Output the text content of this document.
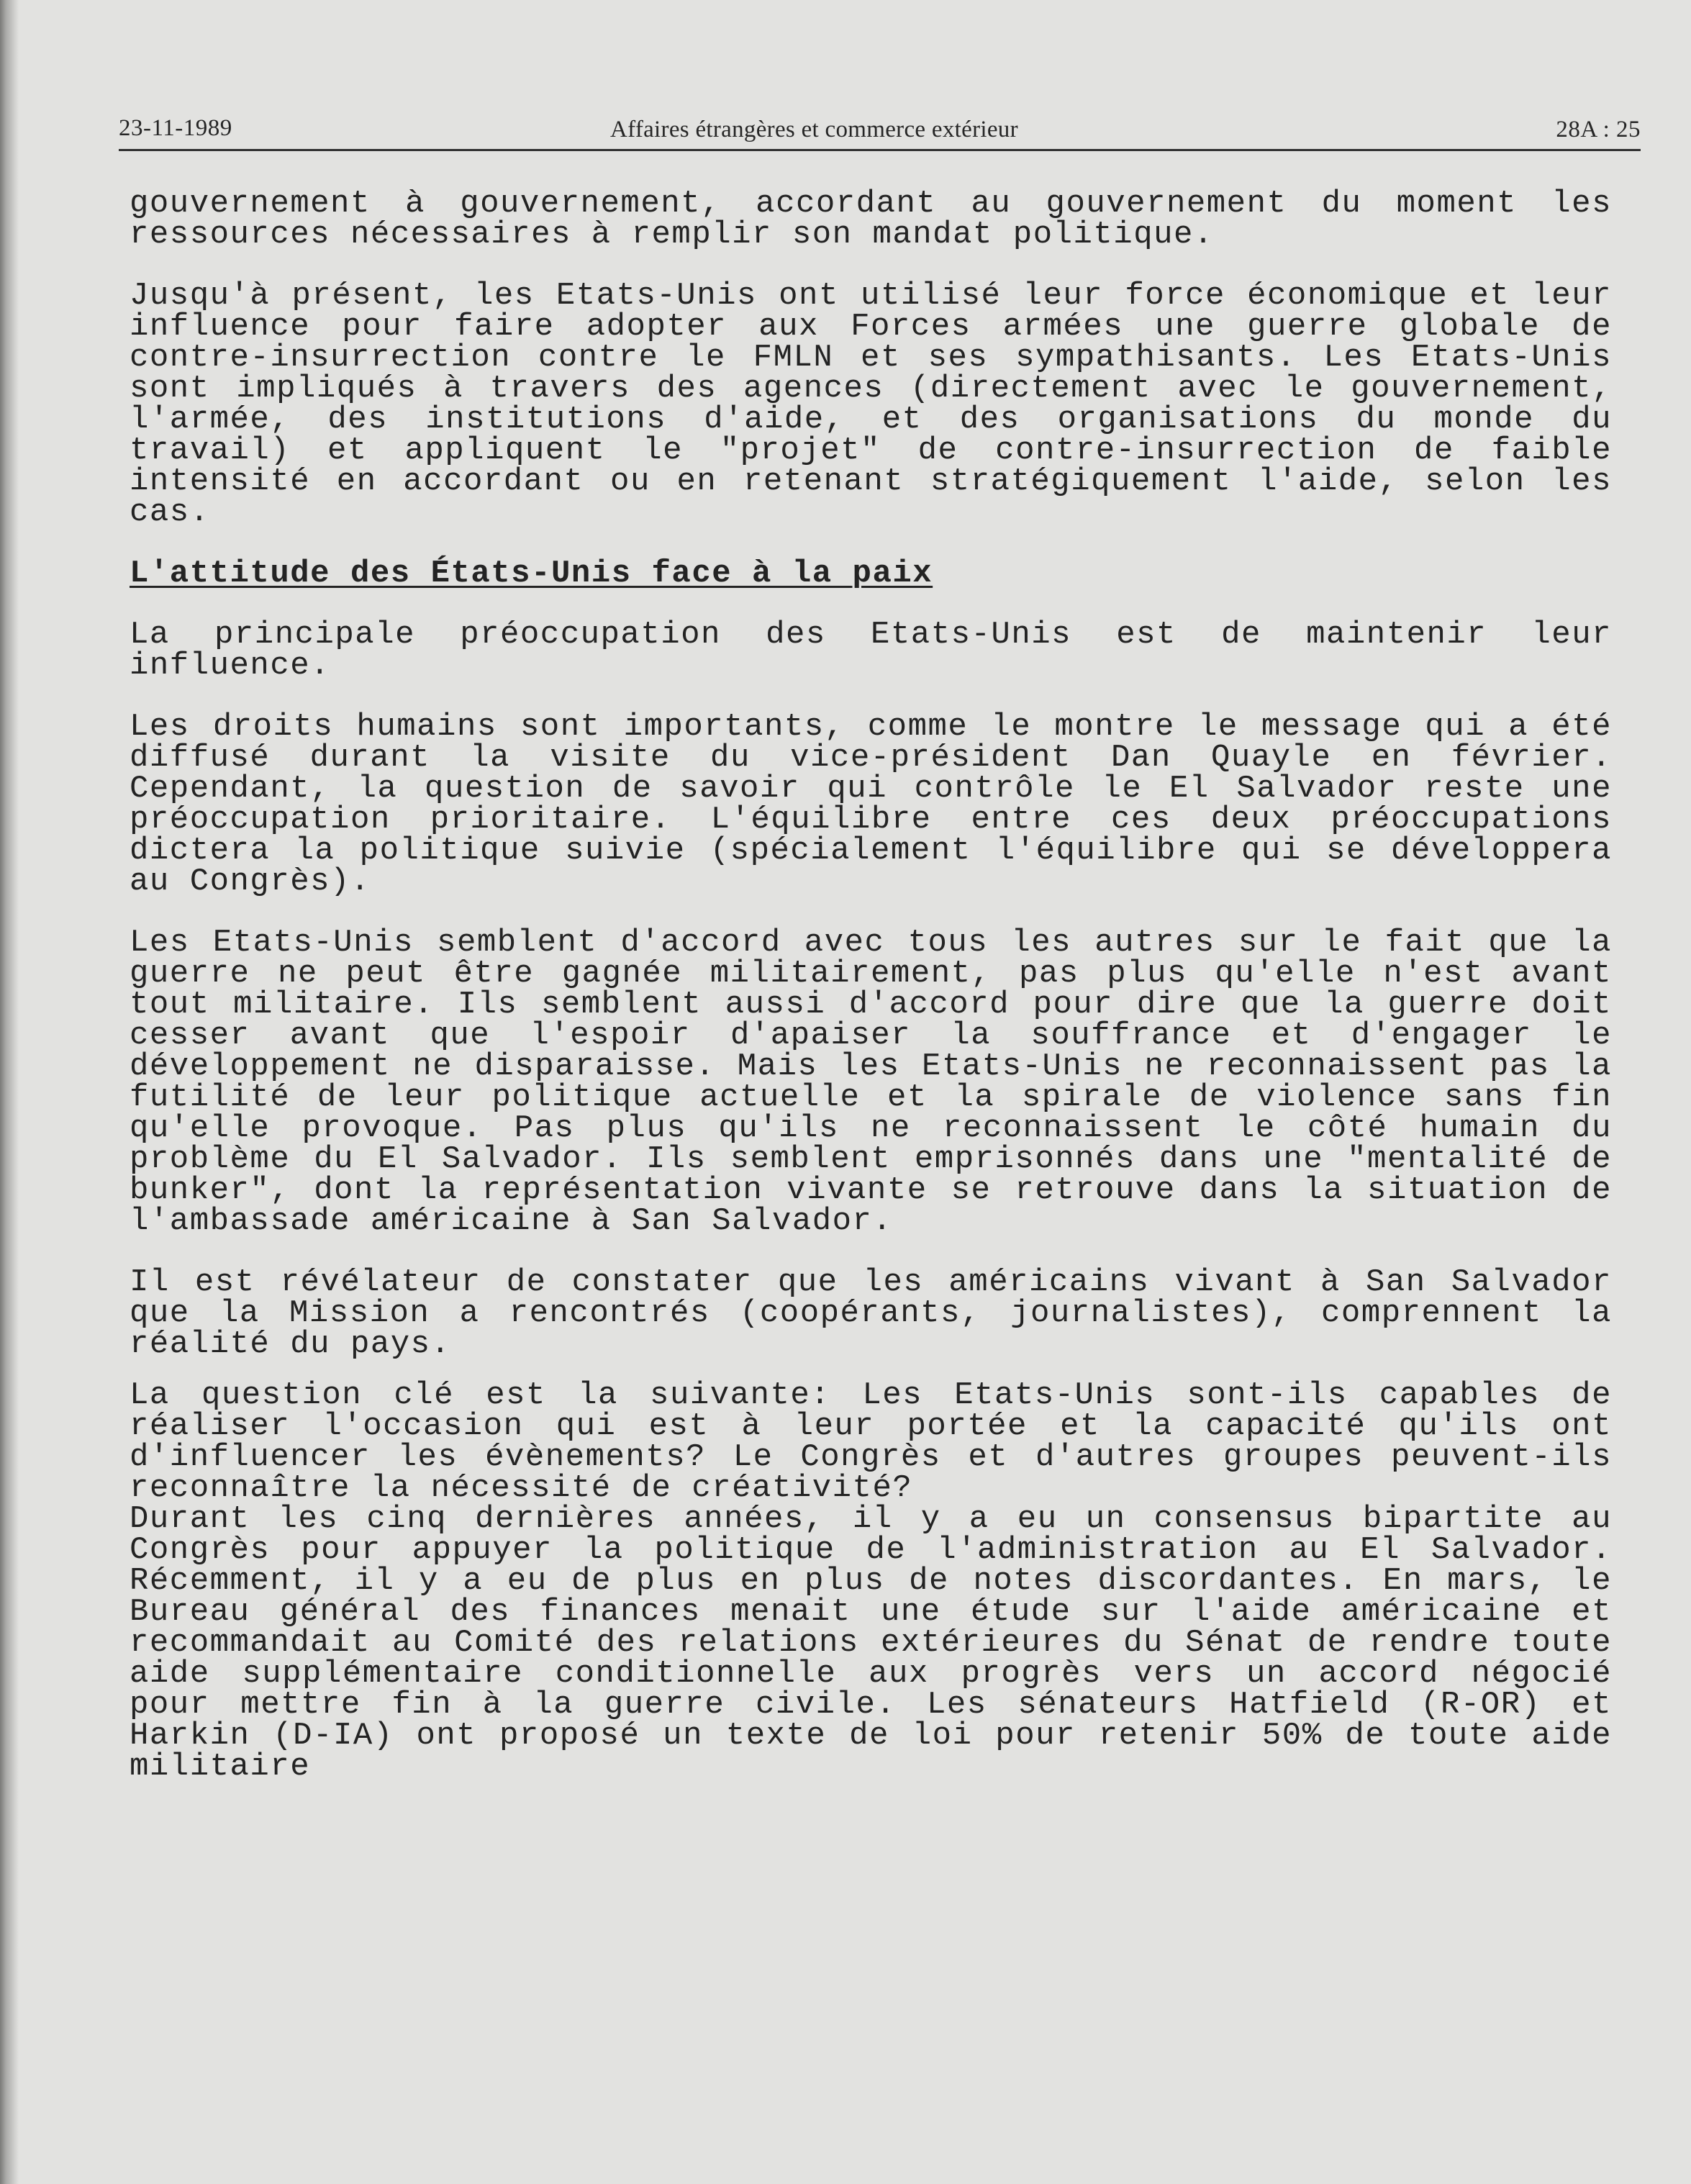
23-11-1989	Affaires étrangères et commerce extérieur	28A : 25

gouvernement à gouvernement, accordant au gouvernement du moment les ressources nécessaires à remplir son mandat politique.

Jusqu'à présent, les Etats-Unis ont utilisé leur force économique et leur influence pour faire adopter aux Forces armées une guerre globale de contre-insurrection contre le FMLN et ses sympathisants. Les Etats-Unis sont impliqués à travers des agences (directement avec le gouvernement, l'armée, des institutions d'aide, et des organisations du monde du travail) et appliquent le "projet" de contre-insurrection de faible intensité en accordant ou en retenant stratégiquement l'aide, selon les cas.

L'attitude des États-Unis face à la paix

La principale préoccupation des Etats-Unis est de maintenir leur influence.

Les droits humains sont importants, comme le montre le message qui a été diffusé durant la visite du vice-président Dan Quayle en février. Cependant, la question de savoir qui contrôle le El Salvador reste une préoccupation prioritaire. L'équilibre entre ces deux préoccupations dictera la politique suivie (spécialement l'équilibre qui se développera au Congrès).

Les Etats-Unis semblent d'accord avec tous les autres sur le fait que la guerre ne peut être gagnée militairement, pas plus qu'elle n'est avant tout militaire. Ils semblent aussi d'accord pour dire que la guerre doit cesser avant que l'espoir d'apaiser la souffrance et d'engager le développement ne disparaisse. Mais les Etats-Unis ne reconnaissent pas la futilité de leur politique actuelle et la spirale de violence sans fin qu'elle provoque. Pas plus qu'ils ne reconnaissent le côté humain du problème du El Salvador. Ils semblent emprisonnés dans une "mentalité de bunker", dont la représentation vivante se retrouve dans la situation de l'ambassade américaine à San Salvador.

Il est révélateur de constater que les américains vivant à San Salvador que la Mission a rencontrés (coopérants, journalistes), comprennent la réalité du pays.

La question clé est la suivante: Les Etats-Unis sont-ils capables de réaliser l'occasion qui est à leur portée et la capacité qu'ils ont d'influencer les évènements? Le Congrès et d'autres groupes peuvent-ils reconnaître la nécessité de créativité?

Durant les cinq dernières années, il y a eu un consensus bipartite au Congrès pour appuyer la politique de l'administration au El Salvador. Récemment, il y a eu de plus en plus de notes discordantes. En mars, le Bureau général des finances menait une étude sur l'aide américaine et recommandait au Comité des relations extérieures du Sénat de rendre toute aide supplémentaire conditionnelle aux progrès vers un accord négocié pour mettre fin à la guerre civile. Les sénateurs Hatfield (R-OR) et Harkin (D-IA) ont proposé un texte de loi pour retenir 50% de toute aide militaire
